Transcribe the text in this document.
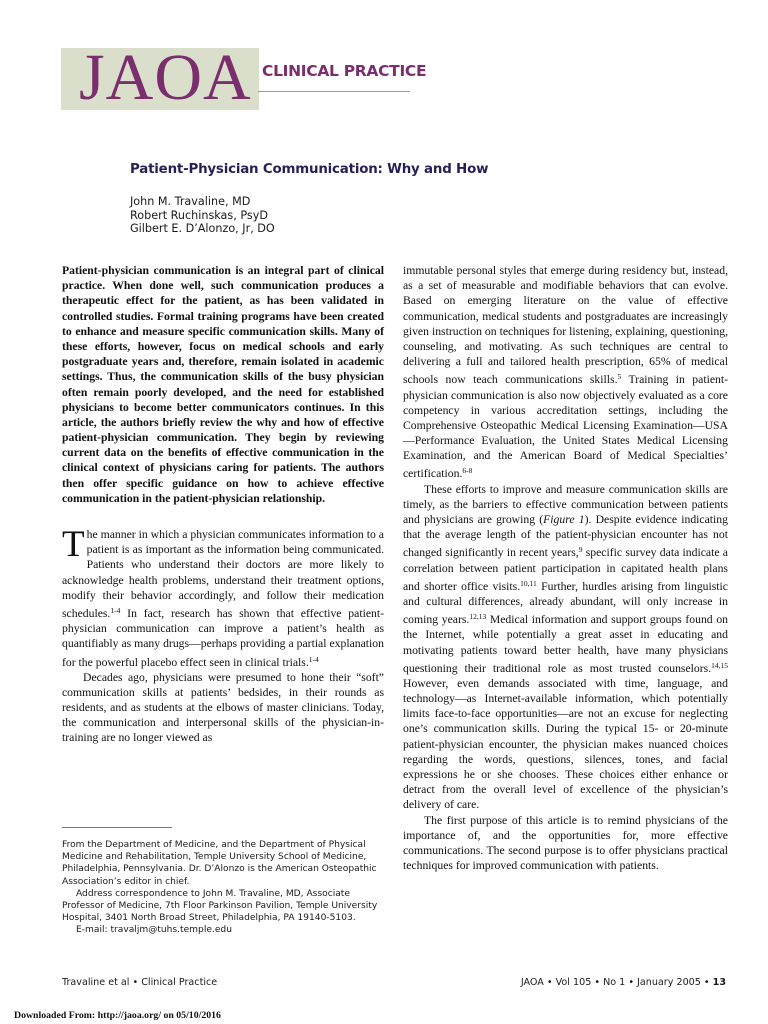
JAOA CLINICAL PRACTICE
Patient-Physician Communication: Why and How
John M. Travaline, MD
Robert Ruchinskas, PsyD
Gilbert E. D’Alonzo, Jr, DO

Patient-physician communication is an integral part of clinical practice. When done well, such communication produces a therapeutic effect for the patient, as has been validated in controlled studies. Formal training programs have been created to enhance and measure specific communication skills. Many of these efforts, however, focus on medical schools and early postgraduate years and, therefore, remain isolated in academic settings. Thus, the communication skills of the busy physician often remain poorly developed, and the need for established physicians to become better communicators continues. In this article, the authors briefly review the why and how of effective patient-physician communication. They begin by reviewing current data on the benefits of effective communication in the clinical context of physicians caring for patients. The authors then offer specific guidance on how to achieve effective communication in the patient-physician relationship.

The manner in which a physician communicates information to a patient is as important as the information being communicated. Patients who understand their doctors are more likely to acknowledge health problems, understand their treatment options, modify their behavior accordingly, and follow their medication schedules.$^{1-4}$ In fact, research has shown that effective patient-physician communication can improve a patient’s health as quantifiably as many drugs—perhaps providing a partial explanation for the powerful placebo effect seen in clinical trials.$^{1-4}$

Decades ago, physicians were presumed to hone their “soft” communication skills at patients’ bedsides, in their rounds as residents, and as students at the elbows of master clinicians. Today, the communication and interpersonal skills of the physician-in-training are no longer viewed as

immutable personal styles that emerge during residency but, instead, as a set of measurable and modifiable behaviors that can evolve. Based on emerging literature on the value of effective communication, medical students and postgraduates are increasingly given instruction on techniques for listening, explaining, questioning, counseling, and motivating. As such techniques are central to delivering a full and tailored health prescription, 65% of medical schools now teach communications skills.$^5$ Training in patient-physician communication is also now objectively evaluated as a core competency in various accreditation settings, including the Comprehensive Osteopathic Medical Licensing Examination—USA—Performance Evaluation, the United States Medical Licensing Examination, and the American Board of Medical Specialties’ certification.$^{6-8}$

These efforts to improve and measure communication skills are timely, as the barriers to effective communication between patients and physicians are growing (Figure 1). Despite evidence indicating that the average length of the patient-physician encounter has not changed significantly in recent years,$^9$ specific survey data indicate a correlation between patient participation in capitated health plans and shorter office visits.$^{10,11}$ Further, hurdles arising from linguistic and cultural differences, already abundant, will only increase in coming years.$^{12,13}$ Medical information and support groups found on the Internet, while potentially a great asset in educating and motivating patients toward better health, have many physicians questioning their traditional role as most trusted counselors.$^{14,15}$ However, even demands associated with time, language, and technology—as Internet-available information, which potentially limits face-to-face opportunities—are not an excuse for neglecting one’s communication skills. During the typical 15- or 20-minute patient-physician encounter, the physician makes nuanced choices regarding the words, questions, silences, tones, and facial expressions he or she chooses. These choices either enhance or detract from the overall level of excellence of the physician’s delivery of care.

The first purpose of this article is to remind physicians of the importance of, and the opportunities for, more effective communications. The second purpose is to offer physicians practical techniques for improved communication with patients.

From the Department of Medicine, and the Department of Physical Medicine and Rehabilitation, Temple University School of Medicine, Philadelphia, Pennsylvania. Dr. D’Alonzo is the American Osteopathic Association’s editor in chief.

Address correspondence to John M. Travaline, MD, Associate Professor of Medicine, 7th Floor Parkinson Pavilion, Temple University Hospital, 3401 North Broad Street, Philadelphia, PA 19140-5103.

E-mail: travaljm@tuhs.temple.edu

Travaline et al • Clinical Practice	JAOA • Vol 105 • No 1 • January 2005 • 13
Downloaded From: http://jaoa.org/ on 05/10/2016
